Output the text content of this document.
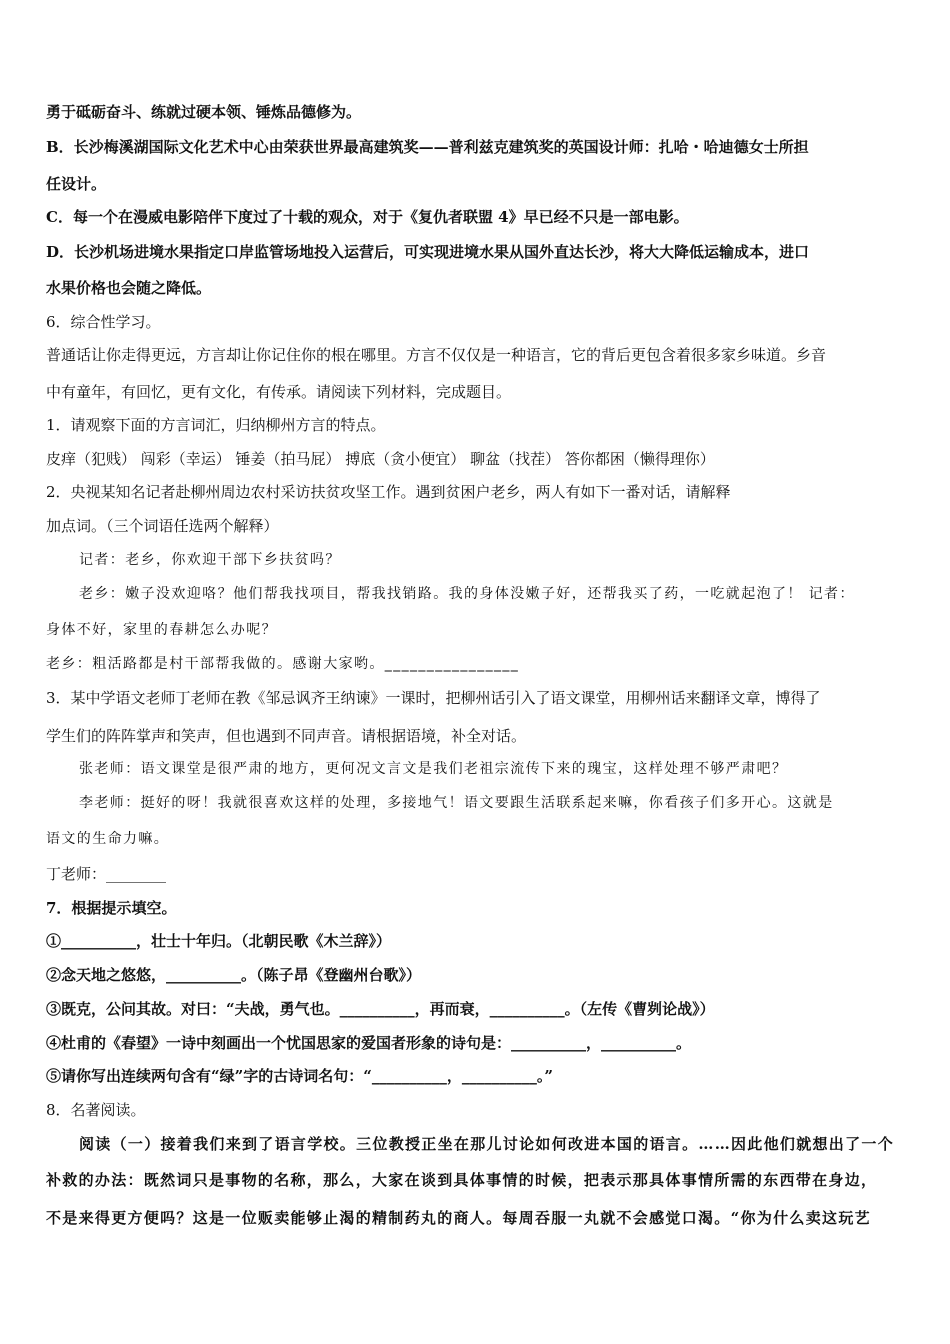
勇于砥砺奋斗、练就过硬本领、锤炼品德修为。
B．长沙梅溪湖国际文化艺术中心由荣获世界最高建筑奖——普利兹克建筑奖的英国设计师：扎哈・哈迪德女士所担
任设计。
C．每一个在漫威电影陪伴下度过了十载的观众，对于《复仇者联盟 4》早已经不只是一部电影。
D．长沙机场进境水果指定口岸监管场地投入运营后，可实现进境水果从国外直达长沙，将大大降低运输成本，进口
水果价格也会随之降低。
6．综合性学习。
普通话让你走得更远，方言却让你记住你的根在哪里。方言不仅仅是一种语言，它的背后更包含着很多家乡味道。乡音
中有童年，有回忆，更有文化，有传承。请阅读下列材料，完成题目。
1．请观察下面的方言词汇，归纳柳州方言的特点。
皮痒（犯贱） 闯彩（幸运） 锤姜（拍马屁） 搏底（贪小便宜） 聊盆（找茬） 答你都困（懒得理你）
2．央视某知名记者赴柳州周边农村采访扶贫攻坚工作。遇到贫困户老乡，两人有如下一番对话，请解释
加点词。（三个词语任选两个解释）
记者：老乡，你欢迎干部下乡扶贫吗？
老乡：嫩子没欢迎咯？他们帮我找项目，帮我找销路。我的身体没嫩子好，还帮我买了药，一吃就起泡了！ 记者：
身体不好，家里的春耕怎么办呢？
老乡：粗活路都是村干部帮我做的。感谢大家哟。________________
3．某中学语文老师丁老师在教《邹忌讽齐王纳谏》一课时，把柳州话引入了语文课堂，用柳州话来翻译文章，博得了
学生们的阵阵掌声和笑声，但也遇到不同声音。请根据语境，补全对话。
张老师：语文课堂是很严肃的地方，更何况文言文是我们老祖宗流传下来的瑰宝，这样处理不够严肃吧？
李老师：挺好的呀！我就很喜欢这样的处理，多接地气！语文要跟生活联系起来嘛，你看孩子们多开心。这就是
语文的生命力嘛。
丁老师：________
7．根据提示填空。
①__________，壮士十年归。（北朝民歌《木兰辞》）
②念天地之悠悠，__________。（陈子昂《登幽州台歌》）
③既克，公问其故。对曰：“夫战，勇气也。__________，再而衰，__________。（左传《曹刿论战》）
④杜甫的《春望》一诗中刻画出一个忧国思家的爱国者形象的诗句是：__________，__________。
⑤请你写出连续两句含有“绿”字的古诗词名句：“__________，__________。”
8．名著阅读。
阅读（一）接着我们来到了语言学校。三位教授正坐在那儿讨论如何改进本国的语言。……因此他们就想出了一个
补救的办法：既然词只是事物的名称，那么，大家在谈到具体事情的时候，把表示那具体事情所需的东西带在身边，
不是来得更方便吗？这是一位贩卖能够止渴的精制药丸的商人。每周吞服一丸就不会感觉口渴。“你为什么卖这玩艺
